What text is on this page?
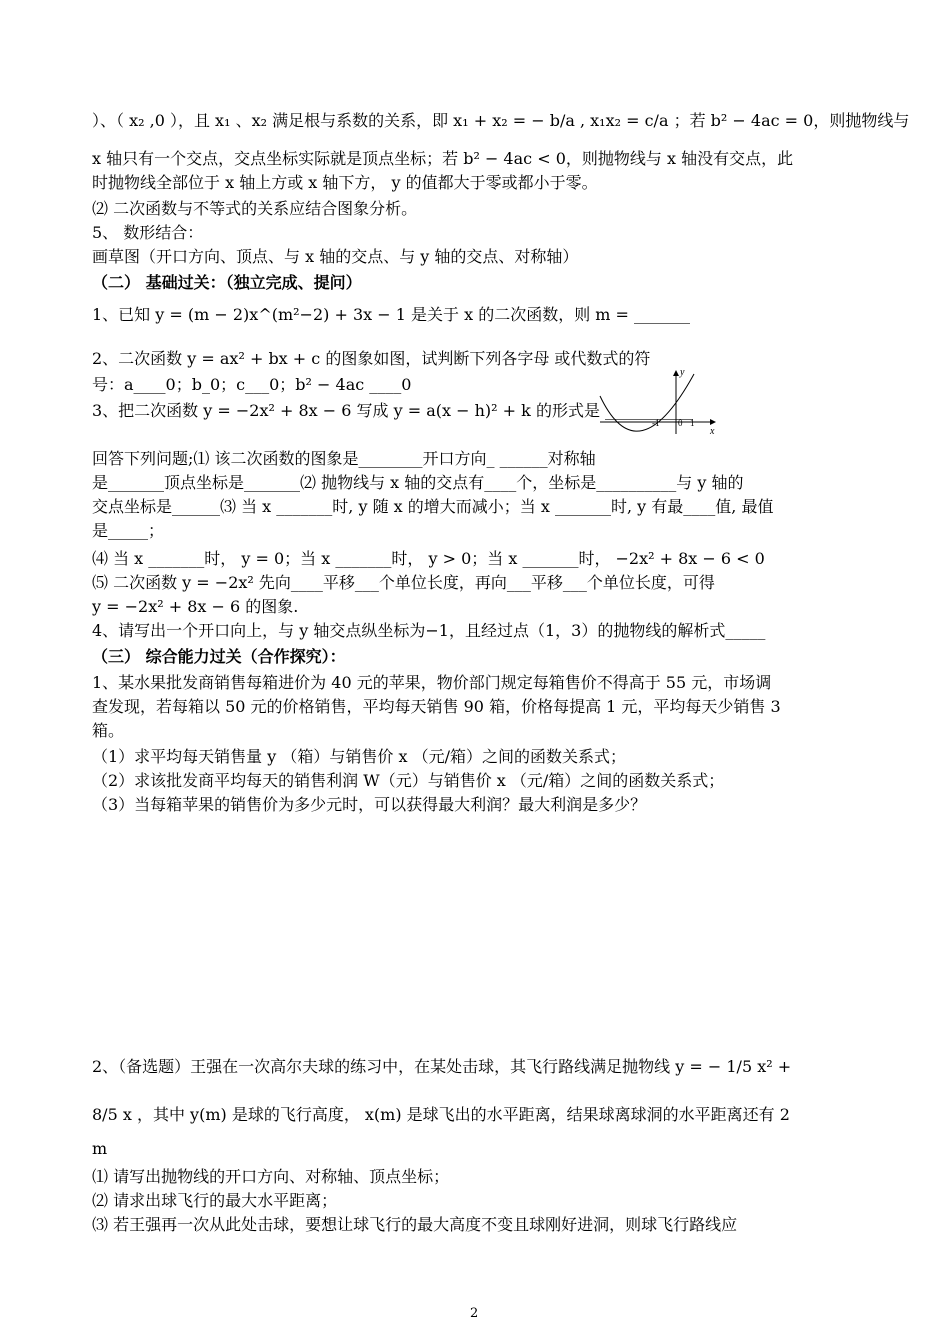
）、（ x₂ ,0 ），且 x₁ 、x₂ 满足根与系数的关系，即 x₁ + x₂ = − b/a , x₁x₂ = c/a ；若 b² − 4ac = 0，则抛物线与
x 轴只有一个交点，交点坐标实际就是顶点坐标；若 b² − 4ac < 0，则抛物线与 x 轴没有交点，此
时抛物线全部位于 x 轴上方或 x 轴下方， y 的值都大于零或都小于零。
⑵ 二次函数与不等式的关系应结合图象分析。
5、 数形结合：
画草图（开口方向、顶点、与 x 轴的交点、与 y 轴的交点、对称轴）
（二） 基础过关：（独立完成、提问）
1、已知 y = (m − 2)x^(m²−2) + 3x − 1 是关于 x 的二次函数，则 m = _______
2、二次函数 y = ax² + bx + c 的图象如图，试判断下列各字母 或代数式的符
号：a____0；b_0；c___0；b² − 4ac ____0
3、把二次函数 y = −2x² + 8x − 6 写成 y = a(x − h)² + k 的形式是 ___________
回答下列问题;⑴ 该二次函数的图象是________开口方向_ ______对称轴
是_______顶点坐标是_______⑵ 抛物线与 x 轴的交点有____个，坐标是__________与 y 轴的
交点坐标是______⑶ 当 x _______时, y 随 x 的增大而减小；当 x _______时, y 有最____值, 最值
是_____；
⑷ 当 x _______时， y = 0；当 x _______时， y > 0；当 x _______时， −2x² + 8x − 6 < 0
⑸ 二次函数 y = −2x² 先向____平移___个单位长度，再向___平移___个单位长度，可得
y = −2x² + 8x − 6 的图象.
4、请写出一个开口向上，与 y 轴交点纵坐标为−1，且经过点（1，3）的抛物线的解析式_____
（三） 综合能力过关（合作探究）：
1、某水果批发商销售每箱进价为 40 元的苹果，物价部门规定每箱售价不得高于 55 元，市场调
查发现，若每箱以 50 元的价格销售，平均每天销售 90 箱，价格每提高 1 元，平均每天少销售 3
箱。
（1）求平均每天销售量 y （箱）与销售价 x （元/箱）之间的函数关系式；
（2）求该批发商平均每天的销售利润 W（元）与销售价 x （元/箱）之间的函数关系式；
（3）当每箱苹果的销售价为多少元时，可以获得最大利润？最大利润是多少？
2、（备选题）王强在一次高尔夫球的练习中，在某处击球，其飞行路线满足抛物线 y = − 1/5 x² +
8/5 x ，其中 y(m) 是球的飞行高度， x(m) 是球飞出的水平距离，结果球离球洞的水平距离还有 2
m
⑴ 请写出抛物线的开口方向、对称轴、顶点坐标；
⑵ 请求出球飞行的最大水平距离；
⑶ 若王强再一次从此处击球，要想让球飞行的最大高度不变且球刚好进洞，则球飞行路线应
y
x
-1 0 1
2
